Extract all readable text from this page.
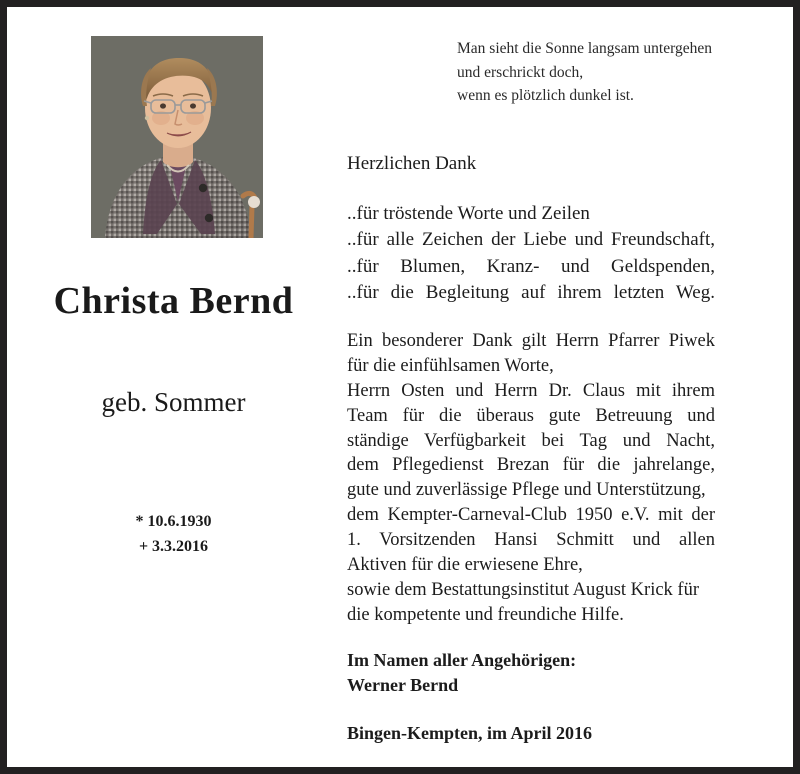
Christa Bernd
geb. Sommer
* 10.6.1930
+ 3.3.2016
Man sieht die Sonne langsam untergehen
und erschrickt doch,
wenn es plötzlich dunkel ist.
Herzlichen Dank
..für tröstende Worte und Zeilen
..für alle Zeichen der Liebe und Freundschaft,
..für Blumen, Kranz- und Geldspenden,
..für die Begleitung auf ihrem letzten Weg.
Ein besonderer Dank gilt Herrn Pfarrer Piwek
für die einfühlsamen Worte,
Herrn Osten und Herrn Dr. Claus mit ihrem
Team für die überaus gute Betreuung und
ständige Verfügbarkeit bei Tag und Nacht,
dem Pflegedienst Brezan für die jahrelange,
gute und zuverlässige Pflege und Unterstützung,
dem Kempter-Carneval-Club 1950 e.V. mit der
1. Vorsitzenden Hansi Schmitt und allen
Aktiven für die erwiesene Ehre,
sowie dem Bestattungsinstitut August Krick für
die kompetente und freundiche Hilfe.
Im Namen aller Angehörigen:
Werner Bernd
Bingen-Kempten, im April 2016
